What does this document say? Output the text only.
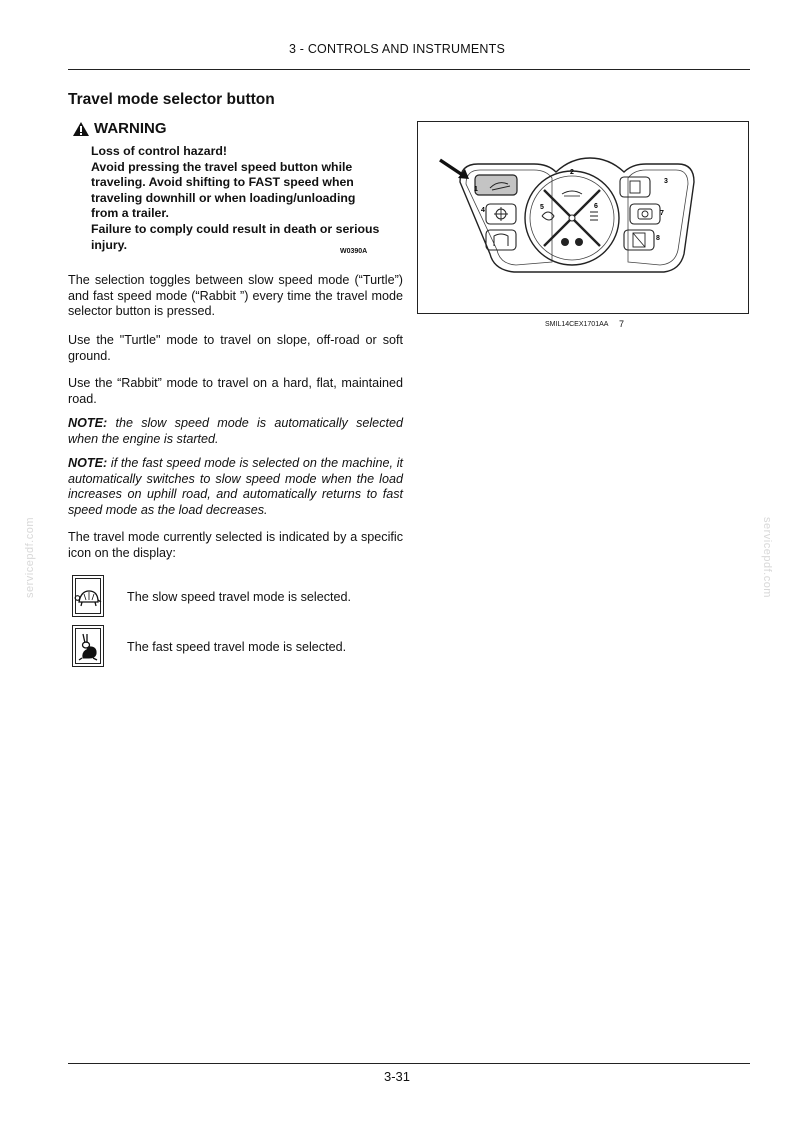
3 - CONTROLS AND INSTRUMENTS
servicepdf.com	servicepdf.com
Travel mode selector button
WARNING

Loss of control hazard!

Avoid pressing the travel speed button while traveling. Avoid shifting to FAST speed when traveling downhill or when loading/unloading from a trailer.

Failure to comply could result in death or serious injury.	W0390A

The selection toggles between slow speed mode (“Turtle”) and fast speed mode (“Rabbit ”) every time the travel mode selector button is pressed.

Use the "Turtle" mode to travel on slope, off-road or soft ground.

Use the “Rabbit” mode to travel on a hard, flat, maintained road.

NOTE: the slow speed mode is automatically selected when the engine is started.

NOTE: if the fast speed mode is selected on the machine, it automatically switches to slow speed mode when the load increases on uphill road, and automatically returns to fast speed mode as the load decreases.

The travel mode currently selected is indicated by a specific icon on the display:

The slow speed travel mode is selected.
The fast speed travel mode is selected.
1
2
3
4	5	6
7
8
SMIL14CEX1701AA 7
3-31
